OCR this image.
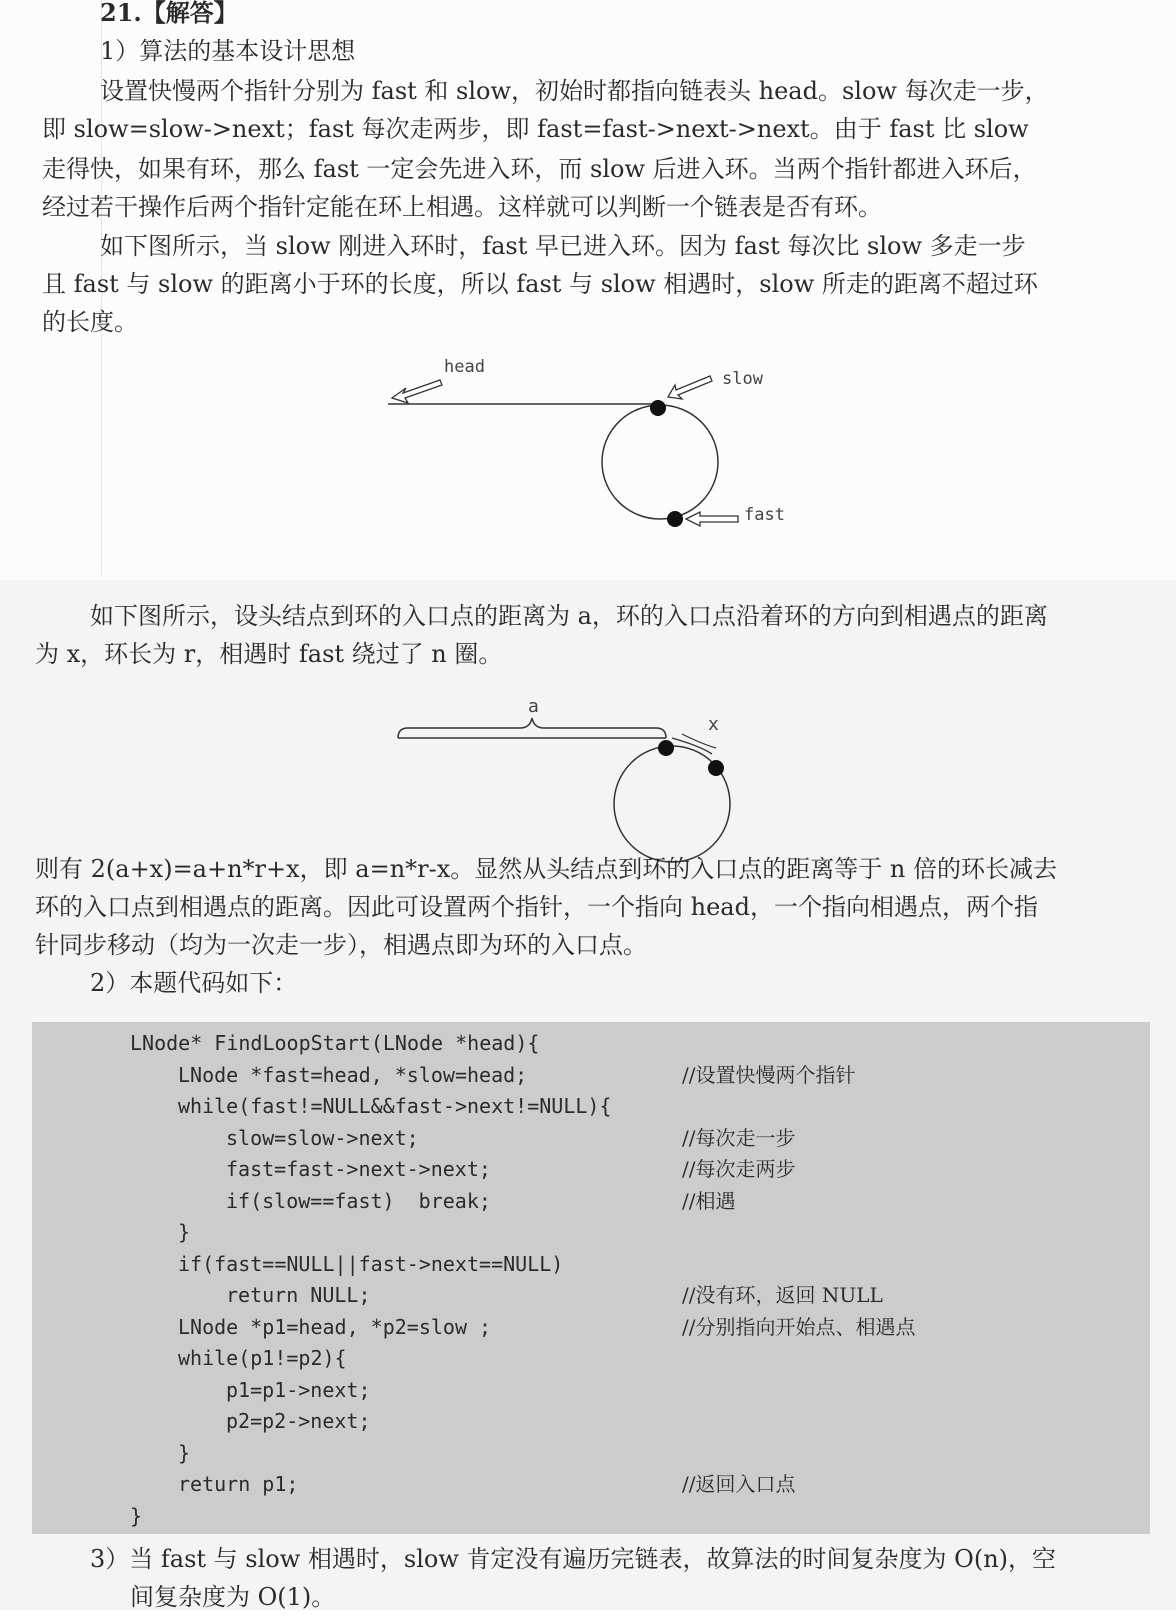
21.【解答】
1）算法的基本设计思想
设置快慢两个指针分别为 fast 和 slow，初始时都指向链表头 head。slow 每次走一步，
即 slow=slow->next；fast 每次走两步，即 fast=fast->next->next。由于 fast 比 slow
走得快，如果有环，那么 fast 一定会先进入环，而 slow 后进入环。当两个指针都进入环后，
经过若干操作后两个指针定能在环上相遇。这样就可以判断一个链表是否有环。
如下图所示，当 slow 刚进入环时，fast 早已进入环。因为 fast 每次比 slow 多走一步
且 fast 与 slow 的距离小于环的长度，所以 fast 与 slow 相遇时，slow 所走的距离不超过环
的长度。
head
slow
fast
如下图所示，设头结点到环的入口点的距离为 a，环的入口点沿着环的方向到相遇点的距离
为 x，环长为 r，相遇时 fast 绕过了 n 圈。
a
x
则有 2(a+x)=a+n*r+x，即 a=n*r-x。显然从头结点到环的入口点的距离等于 n 倍的环长减去
环的入口点到相遇点的距离。因此可设置两个指针，一个指向 head，一个指向相遇点，两个指
针同步移动（均为一次走一步），相遇点即为环的入口点。
2）本题代码如下：
LNode* FindLoopStart(LNode *head){
LNode *fast=head, *slow=head;	//设置快慢两个指针
while(fast!=NULL&&fast->next!=NULL){
slow=slow->next;	//每次走一步
fast=fast->next->next;	//每次走两步
if(slow==fast)  break;	//相遇
}
if(fast==NULL||fast->next==NULL)
return NULL;	//没有环，返回 NULL
LNode *p1=head, *p2=slow ;	//分别指向开始点、相遇点
while(p1!=p2){
p1=p1->next;
p2=p2->next;
}
return p1;	//返回入口点
}
3）当 fast 与 slow 相遇时，slow 肯定没有遍历完链表，故算法的时间复杂度为 O(n)，空
间复杂度为 O(1)。
